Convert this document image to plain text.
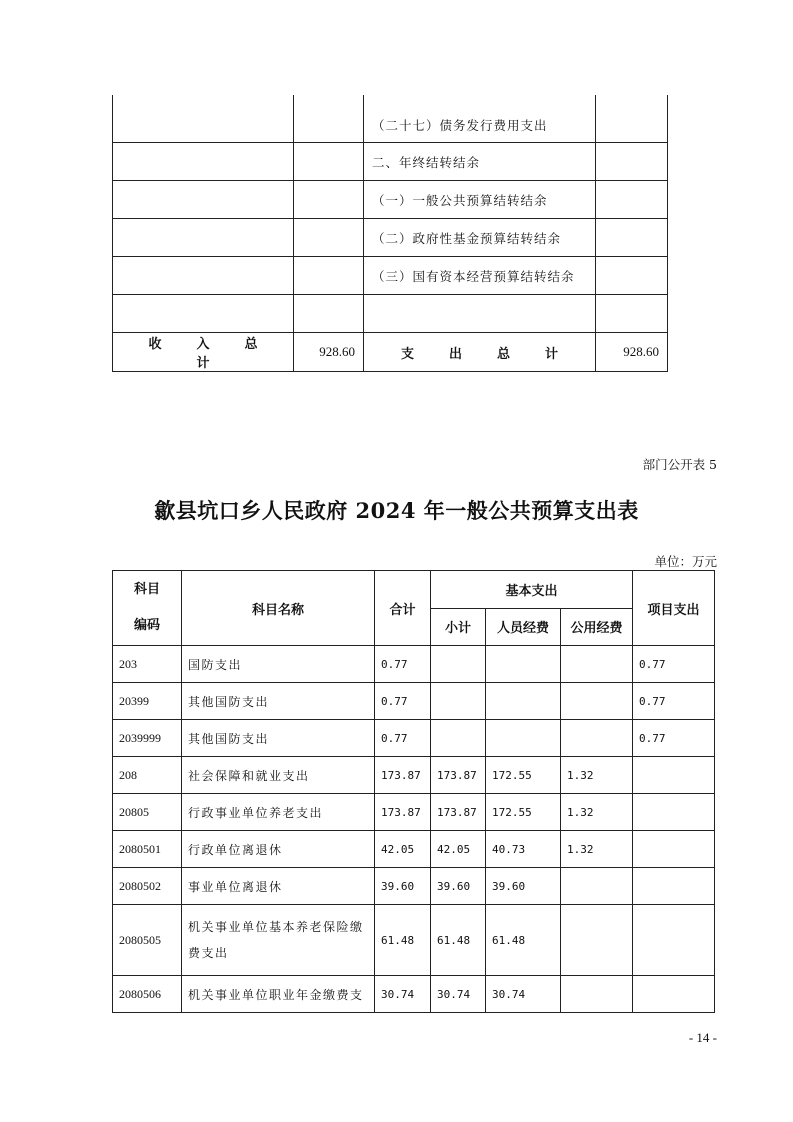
		（二十七）债务发行费用支出	
		二、年终结转结余	
		（一）一般公共预算结转结余	
		（二）政府性基金预算结转结余	
		（三）国有资本经营预算结转结余	

收 入 总计	928.60	支 出 总 计	928.60
部门公开表 5
歙县坑口乡人民政府 2024 年一般公共预算支出表
单位：万元
科目
编码	科目名称	合计	基本支出			项目支出
			小计	人员经费	公用经费	
203	国防支出	0.77				0.77
20399	其他国防支出	0.77				0.77
2039999	其他国防支出	0.77				0.77
208	社会保障和就业支出	173.87	173.87	172.55	1.32	
20805	行政事业单位养老支出	173.87	173.87	172.55	1.32	
2080501	行政单位离退休	42.05	42.05	40.73	1.32	
2080502	事业单位离退休	39.60	39.60	39.60		
2080505	机关事业单位基本养老保险缴
费支出	61.48	61.48	61.48		
2080506	机关事业单位职业年金缴费支	30.74	30.74	30.74		
- 14 -
